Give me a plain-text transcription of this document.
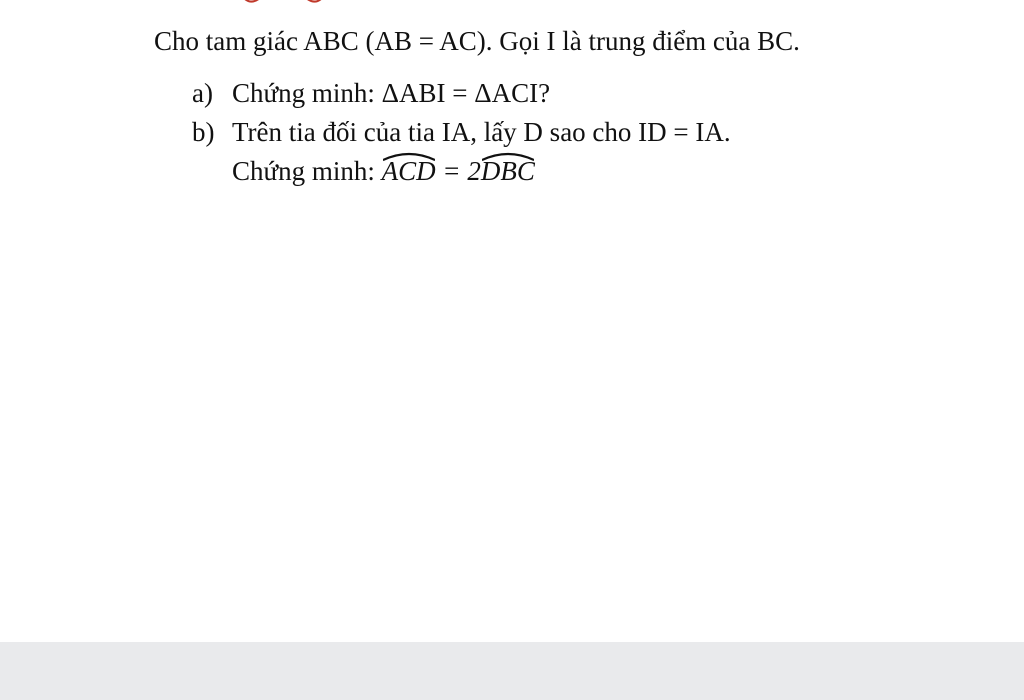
Cho tam giác ABC (AB = AC). Gọi I là trung điểm của BC.
a) Chứng minh: ΔABI = ΔACI?
b) Trên tia đối của tia IA, lấy D sao cho ID = IA.
Chứng minh:
ACD = 2
DBC
